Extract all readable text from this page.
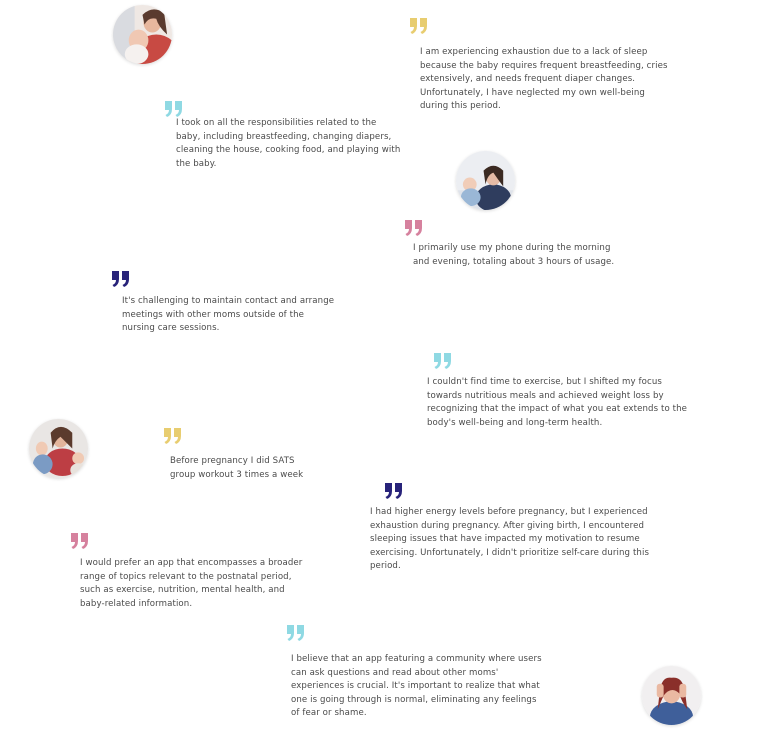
I am experiencing exhaustion due to a lack of sleep because the baby requires frequent breastfeeding, cries extensively, and needs frequent diaper changes. Unfortunately, I have neglected my own well-being during this period.

I took on all the responsibilities related to the baby, including breastfeeding, changing diapers, cleaning the house, cooking food, and playing with the baby.

I primarily use my phone during the morning and evening, totaling about 3 hours of usage.

It's challenging to maintain contact and arrange meetings with other moms outside of the nursing care sessions.

I couldn't find time to exercise, but I shifted my focus towards nutritious meals and achieved weight loss by recognizing that the impact of what you eat extends to the body's well-being and long-term health.

Before pregnancy I did SATS group workout 3 times a week

I had higher energy levels before pregnancy, but I experienced exhaustion during pregnancy. After giving birth, I encountered sleeping issues that have impacted my motivation to resume exercising. Unfortunately, I didn't prioritize self-care during this period.

I would prefer an app that encompasses a broader range of topics relevant to the postnatal period, such as exercise, nutrition, mental health, and baby-related information.

I believe that an app featuring a community where users can ask questions and read about other moms' experiences is crucial. It's important to realize that what one is going through is normal, eliminating any feelings of fear or shame.
